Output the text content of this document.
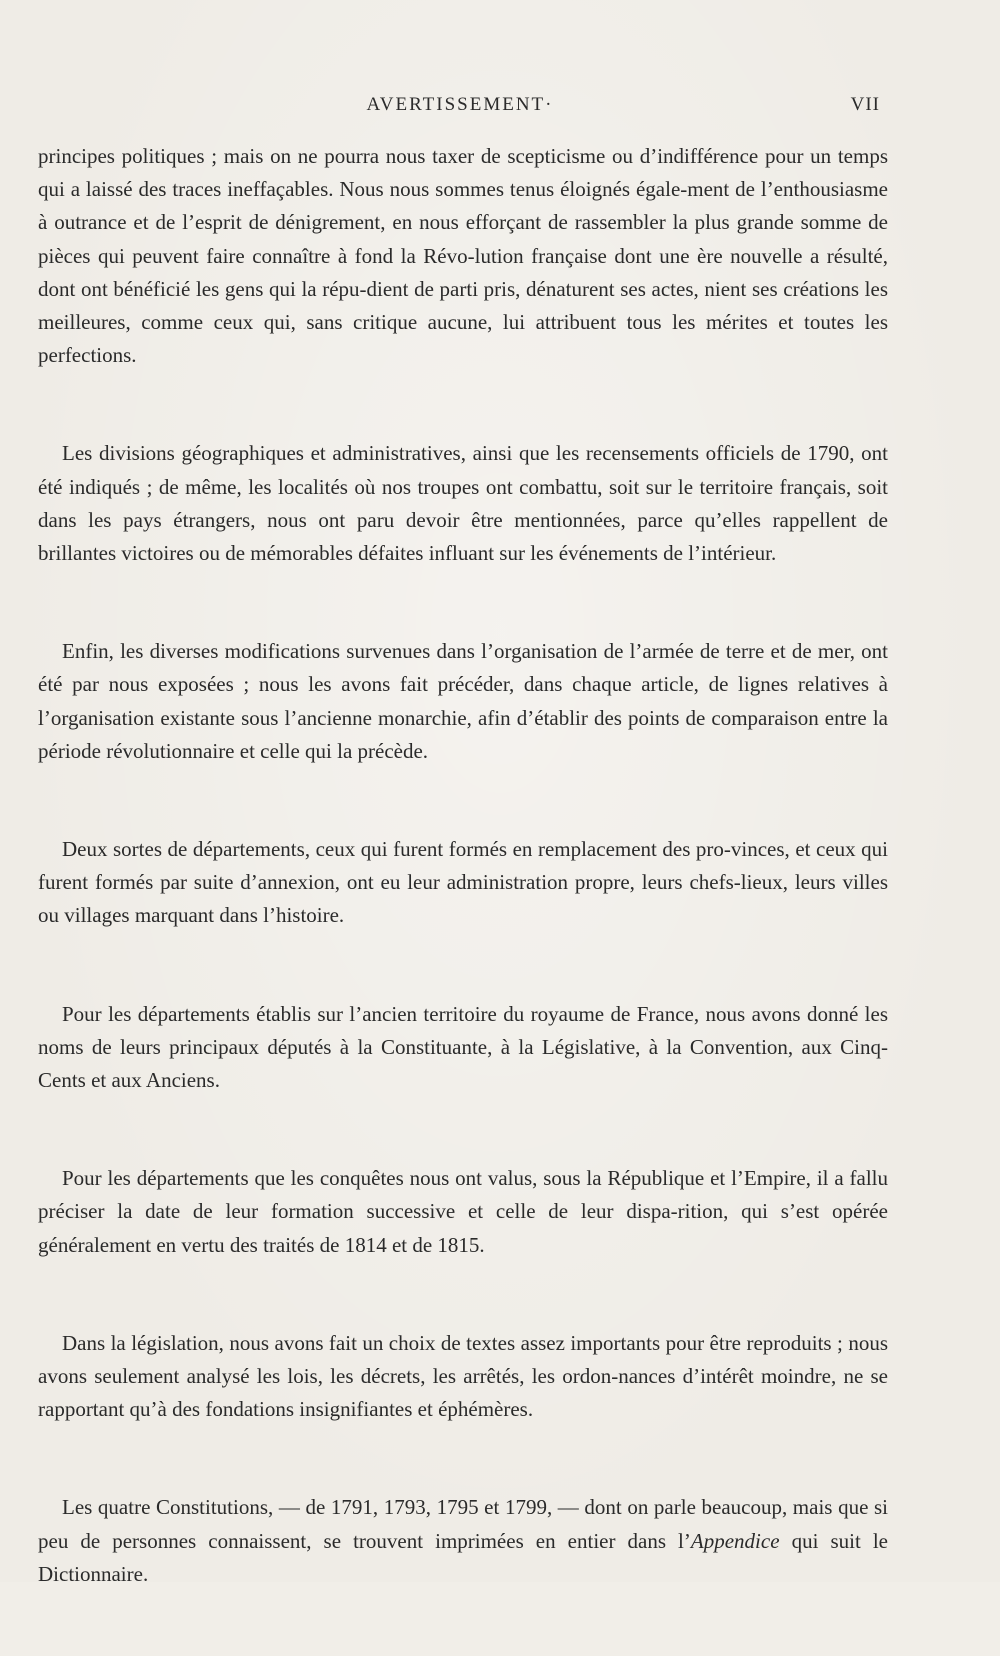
AVERTISSEMENT·	VII

principes politiques ; mais on ne pourra nous taxer de scepticisme ou d’indifférence pour un temps qui a laissé des traces ineffaçables. Nous nous sommes tenus éloignés égale-ment de l’enthousiasme à outrance et de l’esprit de dénigrement, en nous efforçant de rassembler la plus grande somme de pièces qui peuvent faire connaître à fond la Révo-lution française dont une ère nouvelle a résulté, dont ont bénéficié les gens qui la répu-dient de parti pris, dénaturent ses actes, nient ses créations les meilleures, comme ceux qui, sans critique aucune, lui attribuent tous les mérites et toutes les perfections.

Les divisions géographiques et administratives, ainsi que les recensements officiels de 1790, ont été indiqués ; de même, les localités où nos troupes ont combattu, soit sur le territoire français, soit dans les pays étrangers, nous ont paru devoir être mentionnées, parce qu’elles rappellent de brillantes victoires ou de mémorables défaites influant sur les événements de l’intérieur.

Enfin, les diverses modifications survenues dans l’organisation de l’armée de terre et de mer, ont été par nous exposées ; nous les avons fait précéder, dans chaque article, de lignes relatives à l’organisation existante sous l’ancienne monarchie, afin d’établir des points de comparaison entre la période révolutionnaire et celle qui la précède.

Deux sortes de départements, ceux qui furent formés en remplacement des pro-vinces, et ceux qui furent formés par suite d’annexion, ont eu leur administration propre, leurs chefs-lieux, leurs villes ou villages marquant dans l’histoire.

Pour les départements établis sur l’ancien territoire du royaume de France, nous avons donné les noms de leurs principaux députés à la Constituante, à la Législative, à la Convention, aux Cinq-Cents et aux Anciens.

Pour les départements que les conquêtes nous ont valus, sous la République et l’Empire, il a fallu préciser la date de leur formation successive et celle de leur dispa-rition, qui s’est opérée généralement en vertu des traités de 1814 et de 1815.

Dans la législation, nous avons fait un choix de textes assez importants pour être reproduits ; nous avons seulement analysé les lois, les décrets, les arrêtés, les ordon-nances d’intérêt moindre, ne se rapportant qu’à des fondations insignifiantes et éphémères.

Les quatre Constitutions, — de 1791, 1793, 1795 et 1799, — dont on parle beaucoup, mais que si peu de personnes connaissent, se trouvent imprimées en entier dans l’Appendice qui suit le Dictionnaire.
